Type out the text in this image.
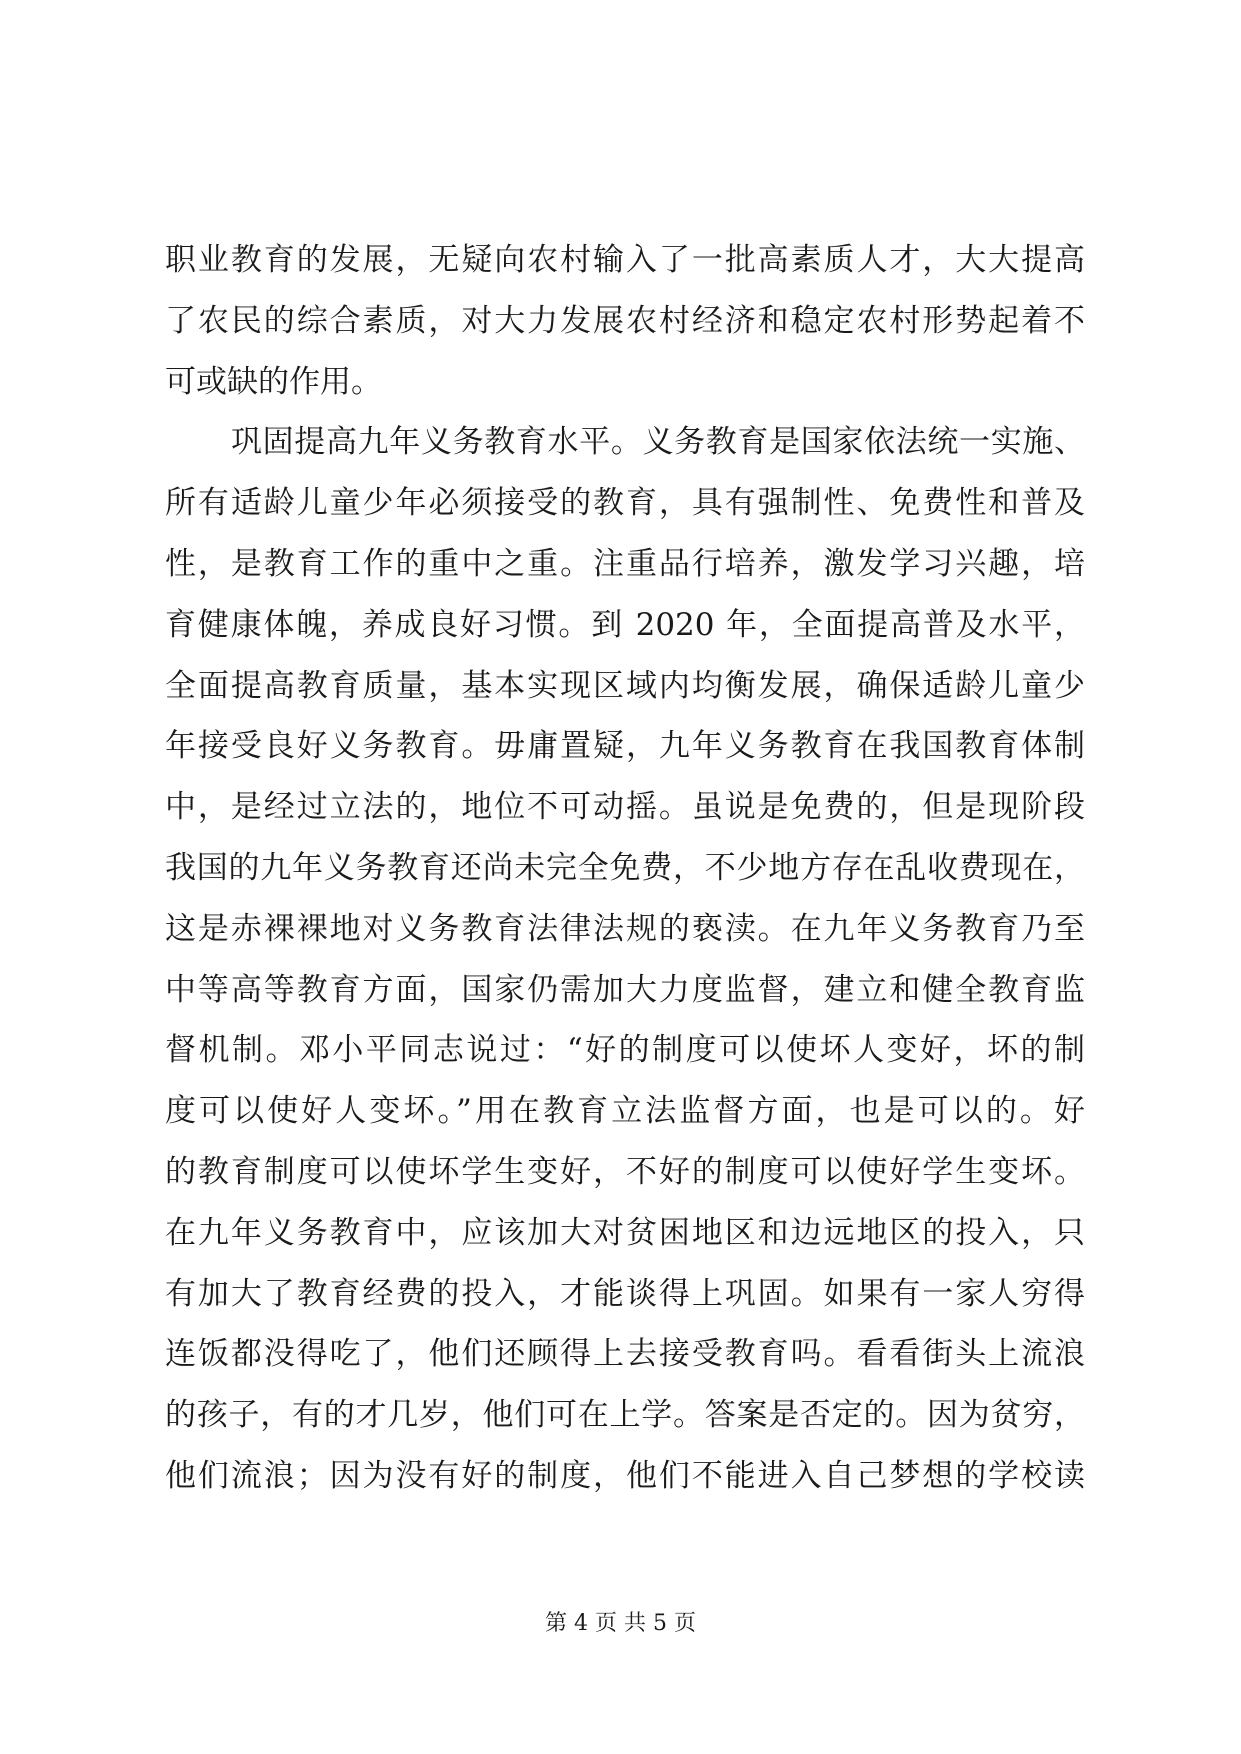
职业教育的发展，无疑向农村输入了一批高素质人才，大大提高
了农民的综合素质，对大力发展农村经济和稳定农村形势起着不
可或缺的作用。
巩固提高九年义务教育水平。义务教育是国家依法统一实施、
所有适龄儿童少年必须接受的教育，具有强制性、免费性和普及
性，是教育工作的重中之重。注重品行培养，激发学习兴趣，培
育健康体魄，养成良好习惯。到 2020 年，全面提高普及水平，
全面提高教育质量，基本实现区域内均衡发展，确保适龄儿童少
年接受良好义务教育。毋庸置疑，九年义务教育在我国教育体制
中，是经过立法的，地位不可动摇。虽说是免费的，但是现阶段
我国的九年义务教育还尚未完全免费，不少地方存在乱收费现在，
这是赤裸裸地对义务教育法律法规的亵渎。在九年义务教育乃至
中等高等教育方面，国家仍需加大力度监督，建立和健全教育监
督机制。邓小平同志说过：“好的制度可以使坏人变好，坏的制
度可以使好人变坏。”用在教育立法监督方面，也是可以的。好
的教育制度可以使坏学生变好，不好的制度可以使好学生变坏。
在九年义务教育中，应该加大对贫困地区和边远地区的投入，只
有加大了教育经费的投入，才能谈得上巩固。如果有一家人穷得
连饭都没得吃了，他们还顾得上去接受教育吗。看看街头上流浪
的孩子，有的才几岁，他们可在上学。答案是否定的。因为贫穷，
他们流浪；因为没有好的制度，他们不能进入自己梦想的学校读
第 4 页 共 5 页
